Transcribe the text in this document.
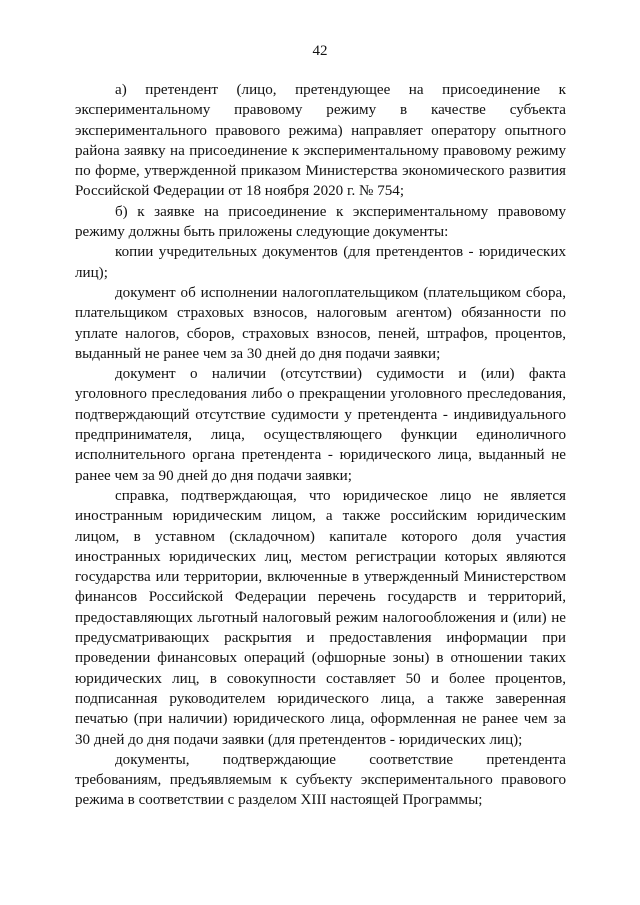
42

а) претендент (лицо, претендующее на присоединение к экспериментальному правовому режиму в качестве субъекта экспериментального правового режима) направляет оператору опытного района заявку на присоединение к экспериментальному правовому режиму по форме, утвержденной приказом Министерства экономического развития Российской Федерации от 18 ноября 2020 г. № 754;

б) к заявке на присоединение к экспериментальному правовому режиму должны быть приложены следующие документы:

копии учредительных документов (для претендентов - юридических лиц);

документ об исполнении налогоплательщиком (плательщиком сбора, плательщиком страховых взносов, налоговым агентом) обязанности по уплате налогов, сборов, страховых взносов, пеней, штрафов, процентов, выданный не ранее чем за 30 дней до дня подачи заявки;

документ о наличии (отсутствии) судимости и (или) факта уголовного преследования либо о прекращении уголовного преследования, подтверждающий отсутствие судимости у претендента - индивидуального предпринимателя, лица, осуществляющего функции единоличного исполнительного органа претендента - юридического лица, выданный не ранее чем за 90 дней до дня подачи заявки;

справка, подтверждающая, что юридическое лицо не является иностранным юридическим лицом, а также российским юридическим лицом, в уставном (складочном) капитале которого доля участия иностранных юридических лиц, местом регистрации которых являются государства или территории, включенные в утвержденный Министерством финансов Российской Федерации перечень государств и территорий, предоставляющих льготный налоговый режим налогообложения и (или) не предусматривающих раскрытия и предоставления информации при проведении финансовых операций (офшорные зоны) в отношении таких юридических лиц, в совокупности составляет 50 и более процентов, подписанная руководителем юридического лица, а также заверенная печатью (при наличии) юридического лица, оформленная не ранее чем за 30 дней до дня подачи заявки (для претендентов - юридических лиц);

документы, подтверждающие соответствие претендента требованиям, предъявляемым к субъекту экспериментального правового режима в соответствии с разделом XIII настоящей Программы;
